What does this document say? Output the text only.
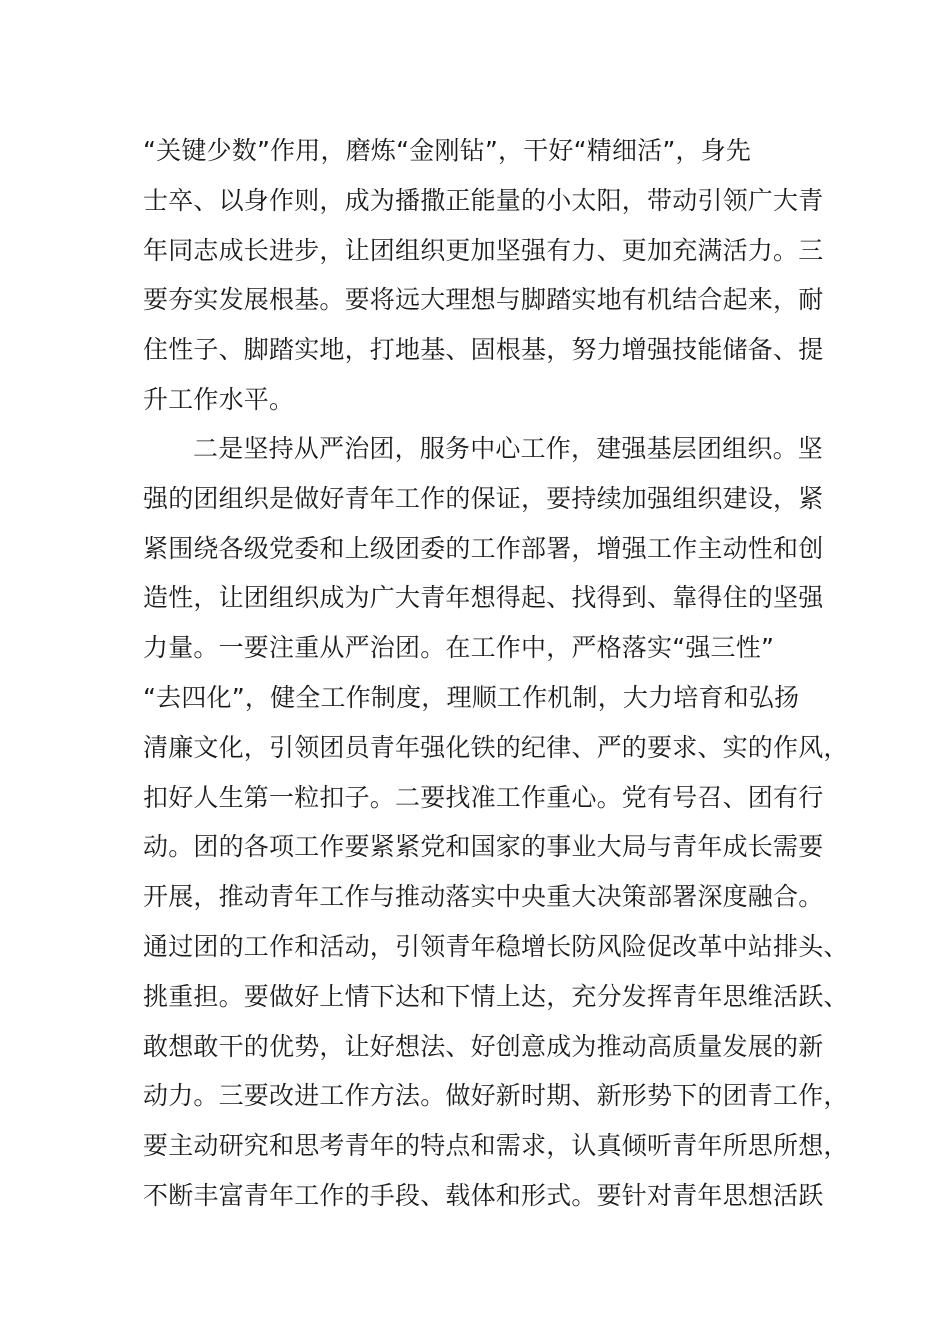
“关键少数”作用，磨炼“金刚钻”，干好“精细活”，身先
士卒、以身作则，成为播撒正能量的小太阳，带动引领广大青
年同志成长进步，让团组织更加坚强有力、更加充满活力。三
要夯实发展根基。要将远大理想与脚踏实地有机结合起来，耐
住性子、脚踏实地，打地基、固根基，努力增强技能储备、提
升工作水平。
二是坚持从严治团，服务中心工作，建强基层团组织。坚
强的团组织是做好青年工作的保证，要持续加强组织建设，紧
紧围绕各级党委和上级团委的工作部署，增强工作主动性和创
造性，让团组织成为广大青年想得起、找得到、靠得住的坚强
力量。一要注重从严治团。在工作中，严格落实“强三性”
“去四化”，健全工作制度，理顺工作机制，大力培育和弘扬
清廉文化，引领团员青年强化铁的纪律、严的要求、实的作风，
扣好人生第一粒扣子。二要找准工作重心。党有号召、团有行
动。团的各项工作要紧紧党和国家的事业大局与青年成长需要
开展，推动青年工作与推动落实中央重大决策部署深度融合。
通过团的工作和活动，引领青年稳增长防风险促改革中站排头、
挑重担。要做好上情下达和下情上达，充分发挥青年思维活跃、
敢想敢干的优势，让好想法、好创意成为推动高质量发展的新
动力。三要改进工作方法。做好新时期、新形势下的团青工作，
要主动研究和思考青年的特点和需求，认真倾听青年所思所想，
不断丰富青年工作的手段、载体和形式。要针对青年思想活跃
